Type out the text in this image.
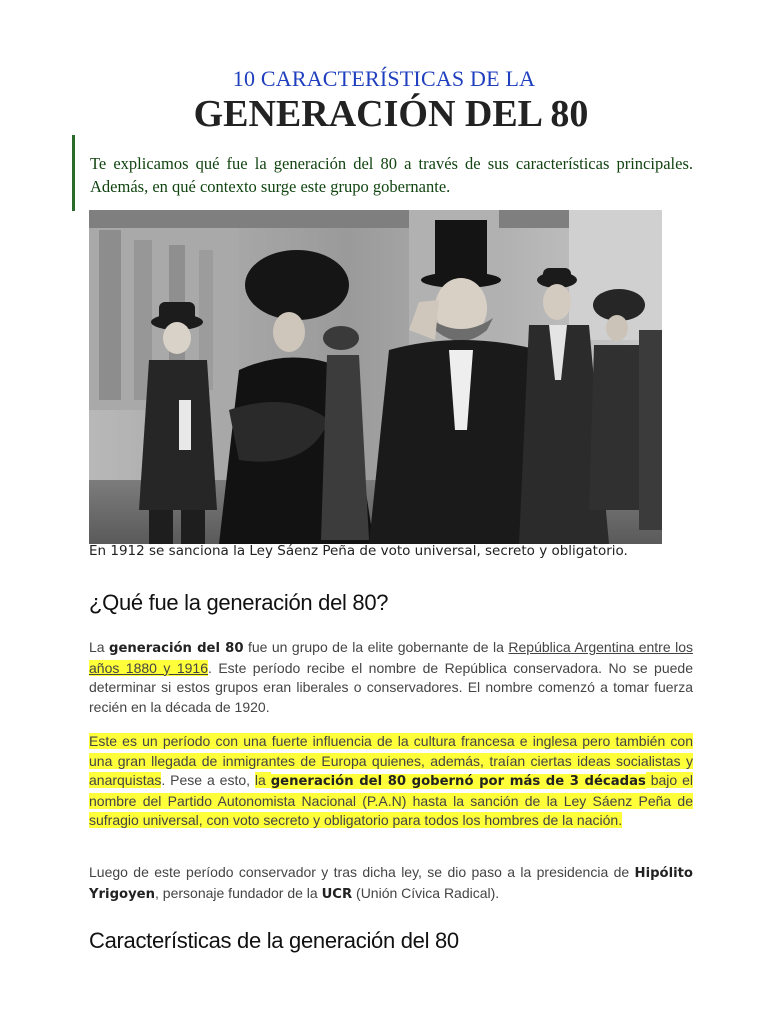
10 CARACTERÍSTICAS DE LA
GENERACIÓN DEL 80
Te explicamos qué fue la generación del 80 a través de sus características principales. Además, en qué contexto surge este grupo gobernante.
En 1912 se sanciona la Ley Sáenz Peña de voto universal, secreto y obligatorio.
¿Qué fue la generación del 80?
La generación del 80 fue un grupo de la elite gobernante de la República Argentina entre los años 1880 y 1916. Este período recibe el nombre de República conservadora. No se puede determinar si estos grupos eran liberales o conservadores. El nombre comenzó a tomar fuerza recién en la década de 1920.
Este es un período con una fuerte influencia de la cultura francesa e inglesa pero también con una gran llegada de inmigrantes de Europa quienes, además, traían ciertas ideas socialistas y anarquistas. Pese a esto, la generación del 80 gobernó por más de 3 décadas bajo el nombre del Partido Autonomista Nacional (P.A.N) hasta la sanción de la Ley Sáenz Peña de sufragio universal, con voto secreto y obligatorio para todos los hombres de la nación.
Luego de este período conservador y tras dicha ley, se dio paso a la presidencia de Hipólito Yrigoyen, personaje fundador de la UCR (Unión Cívica Radical).
Características de la generación del 80
